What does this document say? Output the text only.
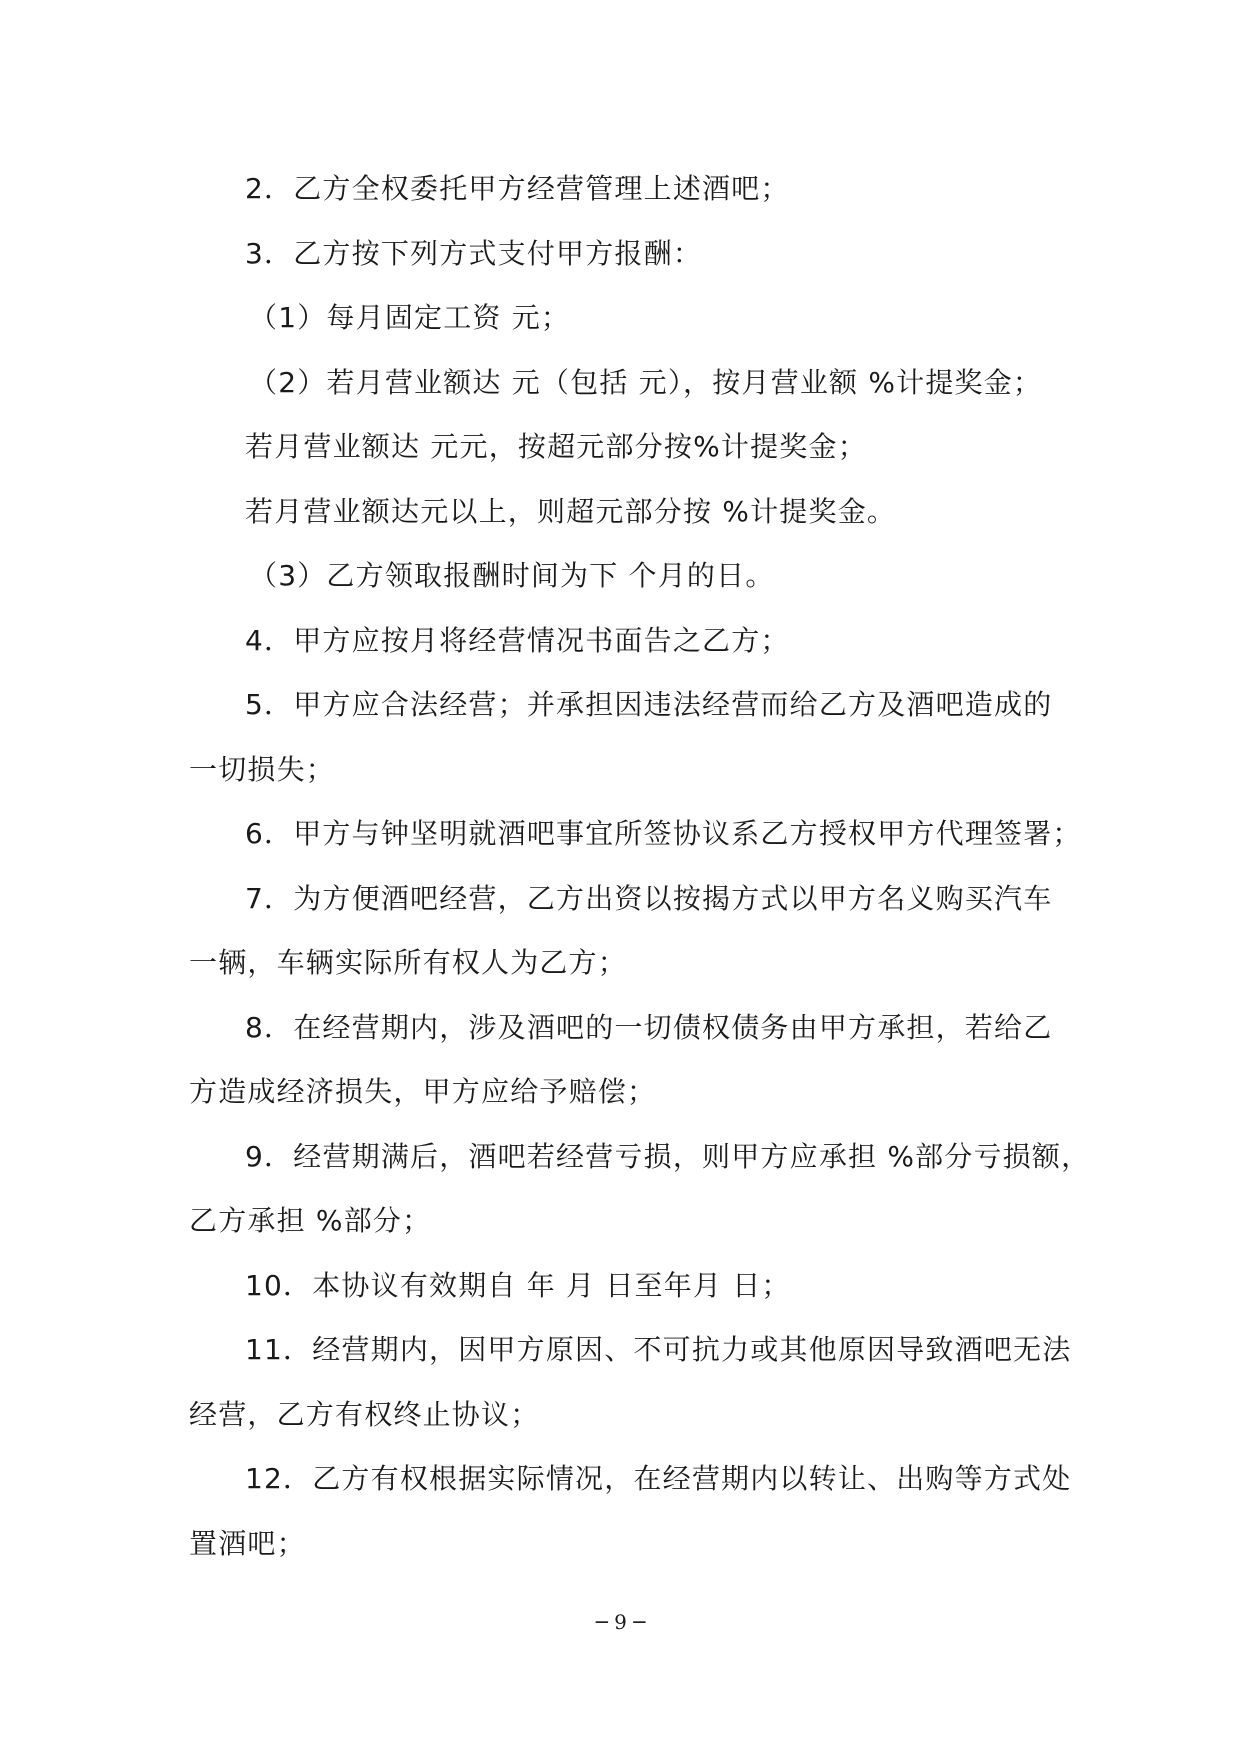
2．乙方全权委托甲方经营管理上述酒吧；
3．乙方按下列方式支付甲方报酬：
（1）每月固定工资 元；
（2）若月营业额达 元（包括 元），按月营业额 %计提奖金；
若月营业额达 元元，按超元部分按%计提奖金；
若月营业额达元以上，则超元部分按 %计提奖金。
（3）乙方领取报酬时间为下 个月的日。
4．甲方应按月将经营情况书面告之乙方；
5．甲方应合法经营；并承担因违法经营而给乙方及酒吧造成的
一切损失；
6．甲方与钟坚明就酒吧事宜所签协议系乙方授权甲方代理签署；
7．为方便酒吧经营，乙方出资以按揭方式以甲方名义购买汽车
一辆，车辆实际所有权人为乙方；
8．在经营期内，涉及酒吧的一切债权债务由甲方承担，若给乙
方造成经济损失，甲方应给予赔偿；
9．经营期满后，酒吧若经营亏损，则甲方应承担 %部分亏损额，
乙方承担 %部分；
10．本协议有效期自 年 月 日至年月 日；
11．经营期内，因甲方原因、不可抗力或其他原因导致酒吧无法
经营，乙方有权终止协议；
12．乙方有权根据实际情况，在经营期内以转让、出购等方式处
置酒吧；
─ 9 ─
